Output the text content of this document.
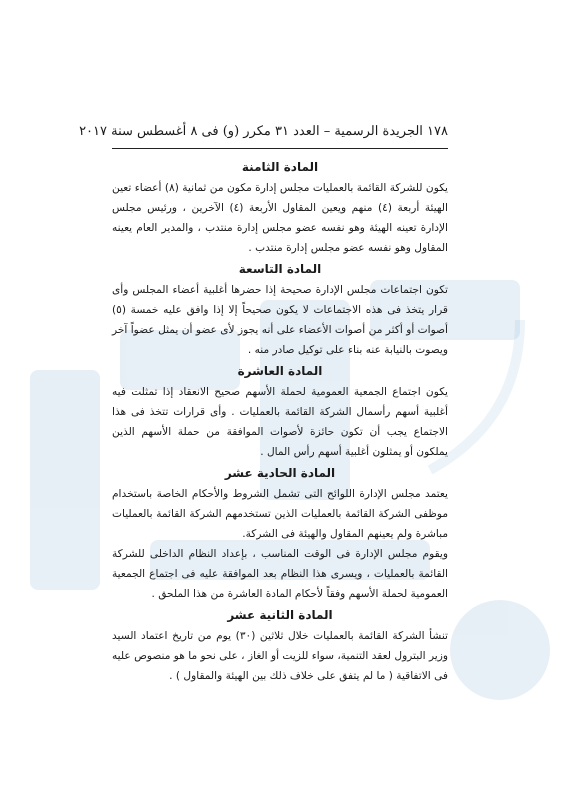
١٧٨ الجريدة الرسمية – العدد ٣١ مكرر (و) فى ٨ أغسطس سنة ٢٠١٧
المادة الثامنة

يكون للشركة القائمة بالعمليات مجلس إدارة مكون من ثمانية (٨) أعضاء تعين الهيئة أربعة (٤) منهم ويعين المقاول الأربعة (٤) الآخرين ، ورئيس مجلس الإدارة تعينه الهيئة وهو نفسه عضو مجلس إدارة منتدب ، والمدير العام يعينه المقاول وهو نفسه عضو مجلس إدارة منتدب .

المادة التاسعة

تكون اجتماعات مجلس الإدارة صحيحة إذا حضرها أغلبية أعضاء المجلس وأى قرار يتخذ فى هذه الاجتماعات لا يكون صحيحاً إلا إذا وافق عليه خمسة (٥) أصوات أو أكثر من أصوات الأعضاء على أنه يجوز لأى عضو أن يمثل عضواً آخر ويصوت بالنيابة عنه بناء على توكيل صادر منه .

المادة العاشرة

يكون اجتماع الجمعية العمومية لحملة الأسهم صحيح الانعقاد إذا تمثلت فيه أغلبية أسهم رأسمال الشركة القائمة بالعمليات . وأى قرارات تتخذ فى هذا الاجتماع يجب أن تكون حائزة لأصوات الموافقة من حملة الأسهم الذين يملكون أو يمثلون أغلبية أسهم رأس المال .

المادة الحادية عشر

يعتمد مجلس الإدارة اللوائح التى تشمل الشروط والأحكام الخاصة باستخدام موظفى الشركة القائمة بالعمليات الذين تستخدمهم الشركة القائمة بالعمليات مباشرة ولم يعينهم المقاول والهيئة فى الشركة.

ويقوم مجلس الإدارة فى الوقت المناسب ، بإعداد النظام الداخلى للشركة القائمة بالعمليات ، ويسرى هذا النظام بعد الموافقة عليه فى اجتماع الجمعية العمومية لحملة الأسهم وفقاً لأحكام المادة العاشرة من هذا الملحق .

المادة الثانية عشر

تنشأ الشركة القائمة بالعمليات خلال ثلاثين (٣٠) يوم من تاريخ اعتماد السيد وزير البترول لعقد التنمية، سواء للزيت أو الغاز ، على نحو ما هو منصوص عليه فى الاتفاقية ( ما لم يتفق على خلاف ذلك بين الهيئة والمقاول ) .
